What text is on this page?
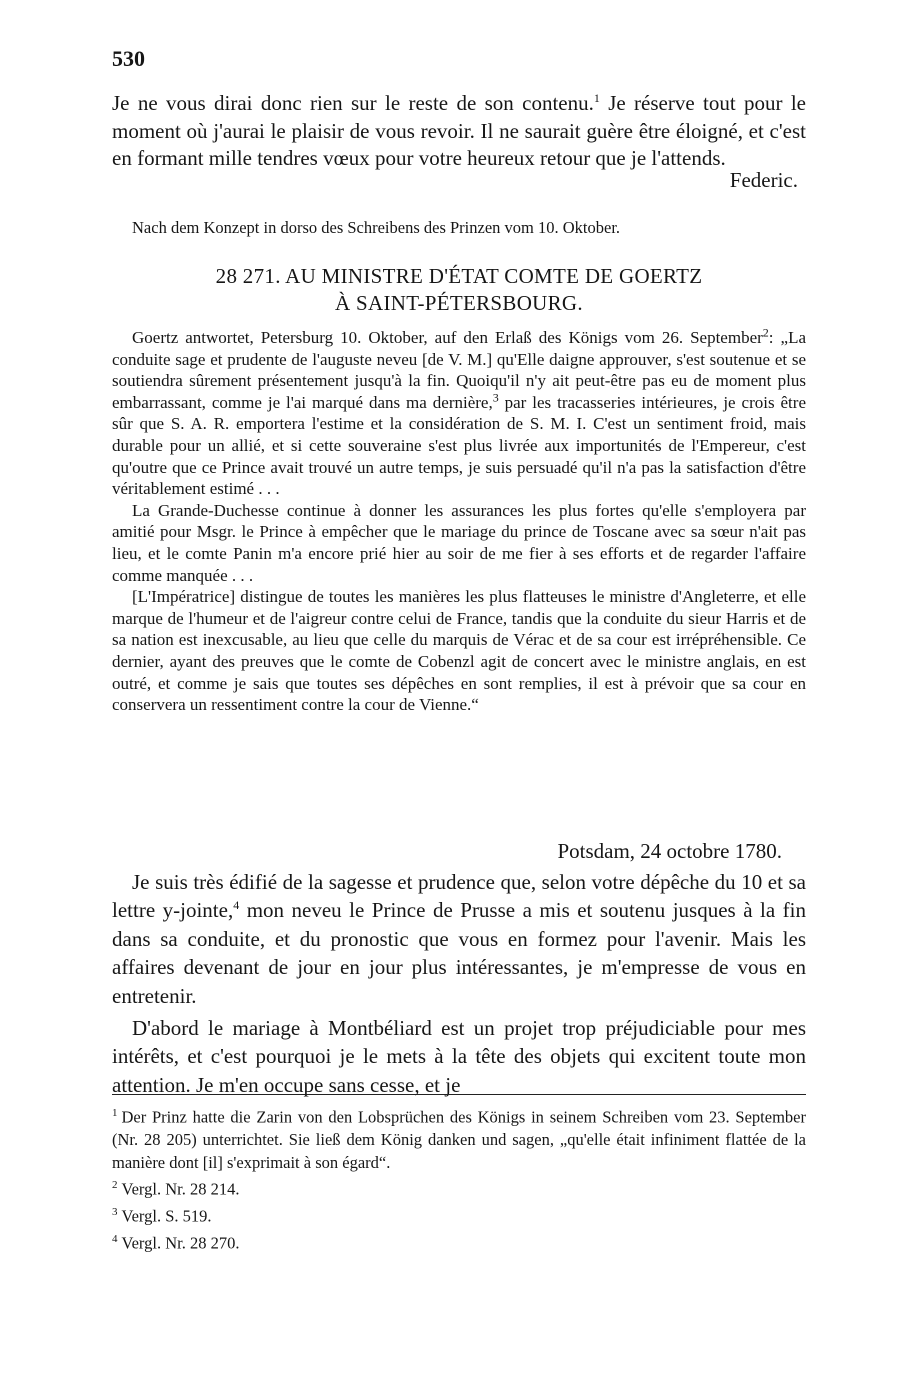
530

Je ne vous dirai donc rien sur le reste de son contenu.$^1$ Je réserve tout pour le moment où j'aurai le plaisir de vous revoir. Il ne saurait guère être éloigné, et c'est en formant mille tendres vœux pour votre heureux retour que je l'attends.

Federic.
Nach dem Konzept in dorso des Schreibens des Prinzen vom 10. Oktober.
28 271. AU MINISTRE D'ÉTAT COMTE DE GOERTZ
À SAINT-PÉTERSBOURG.

Goertz antwortet, Petersburg 10. Oktober, auf den Erlaß des Königs vom 26. September$^2$: „La conduite sage et prudente de l'auguste neveu [de V. M.] qu'Elle daigne approuver, s'est soutenue et se soutiendra sûrement présentement jusqu'à la fin. Quoiqu'il n'y ait peut-être pas eu de moment plus embarrassant, comme je l'ai marqué dans ma dernière,$^3$ par les tracasseries intérieures, je crois être sûr que S. A. R. emportera l'estime et la considération de S. M. I. C'est un sentiment froid, mais durable pour un allié, et si cette souveraine s'est plus livrée aux importunités de l'Empereur, c'est qu'outre que ce Prince avait trouvé un autre temps, je suis persuadé qu'il n'a pas la satisfaction d'être véritablement estimé . . .

La Grande-Duchesse continue à donner les assurances les plus fortes qu'elle s'employera par amitié pour Msgr. le Prince à empêcher que le mariage du prince de Toscane avec sa sœur n'ait pas lieu, et le comte Panin m'a encore prié hier au soir de me fier à ses efforts et de regarder l'affaire comme manquée . . .

[L'Impératrice] distingue de toutes les manières les plus flatteuses le ministre d'Angleterre, et elle marque de l'humeur et de l'aigreur contre celui de France, tandis que la conduite du sieur Harris et de sa nation est inexcusable, au lieu que celle du marquis de Vérac et de sa cour est irrépréhensible. Ce dernier, ayant des preuves que le comte de Cobenzl agit de concert avec le ministre anglais, en est outré, et comme je sais que toutes ses dépêches en sont remplies, il est à prévoir que sa cour en conservera un ressentiment contre la cour de Vienne.“

Potsdam, 24 octobre 1780.

Je suis très édifié de la sagesse et prudence que, selon votre dépêche du 10 et sa lettre y-jointe,$^4$ mon neveu le Prince de Prusse a mis et soutenu jusques à la fin dans sa conduite, et du pronostic que vous en formez pour l'avenir. Mais les affaires devenant de jour en jour plus intéressantes, je m'empresse de vous en entretenir.

D'abord le mariage à Montbéliard est un projet trop préjudiciable pour mes intérêts, et c'est pourquoi je le mets à la tête des objets qui excitent toute mon attention. Je m'en occupe sans cesse, et je

$^1$ Der Prinz hatte die Zarin von den Lobsprüchen des Königs in seinem Schreiben vom 23. September (Nr. 28 205) unterrichtet. Sie ließ dem König danken und sagen, „qu'elle était infiniment flattée de la manière dont [il] s'exprimait à son égard“.

$^2$ Vergl. Nr. 28 214.

$^3$ Vergl. S. 519.

$^4$ Vergl. Nr. 28 270.
